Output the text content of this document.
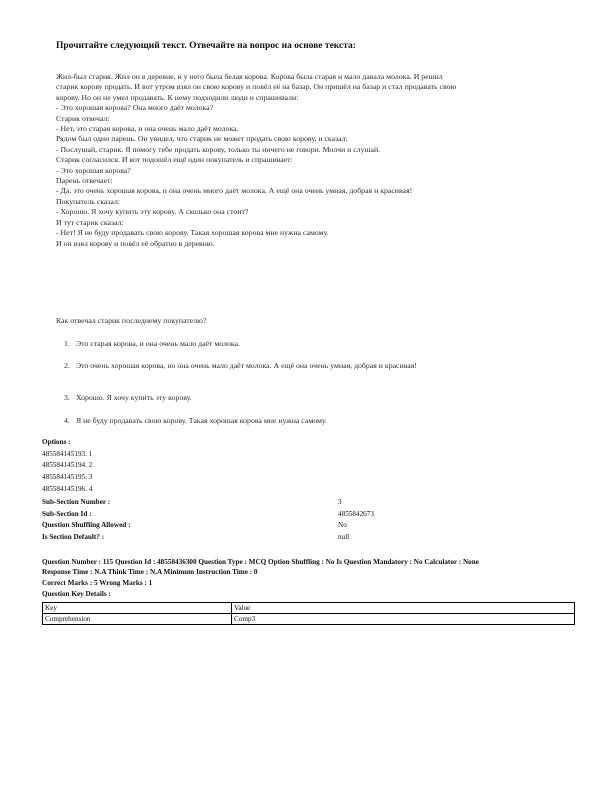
Прочитайте следующий текст. Отвечайте на вопрос на основе текста:

Жил-был старик. Жил он в деревне, и у него была белая корова. Корова была старая и мало давала молока. И решил старик корову продать. И вот утром взял он свою корову и повёл её на базар. Он пришёл на базар и стал продавать свою корову. Но он не умел продавать. К нему подходили люди и спрашивали:

- Это хорошая корова? Она много даёт молока?

Старик отвечал:

- Нет, это старая корова, и она очень мало даёт молока.

Рядом был один парень. Он увидел, что старик не может продать свою корову, и сказал:

- Послушай, старик. Я помогу тебе продать корову, только ты ничего не говори. Молчи и слушай.

Старик согласился. И вот подошёл ещё один покупатель и спрашивает:

- Это хорошая корова?

Парень отвечает:

- Да, это очень хорошая корова, и она очень много даёт молока. А ещё она очень умная, добрая и красивая!

Покупатель сказал:

- Хорошо. Я хочу купить эту корову. А сколько она стоит?

И тут старик сказал:

- Нет! Я не буду продавать свою корову. Такая хорошая корова мне нужна самому.

И он взял корову и повёл её обратно в деревню.

Как отвечал старик последнему покупателю?
1. Это старая корова, и она очень мало даёт молока.
2. Это очень хорошая корова, но она очень мало даёт молока. А ещё она очень умная, добрая и красивая!
3. Хорошо. Я хочу купить эту корову.
4. Я не буду продавать свою корову. Такая хорошая корова мне нужна самому.
Options :
485584145193. 1
485584145194. 2
485584145195. 3
485584145196. 4
Sub-Section Number :	3
Sub-Section Id :	4855842673
Question Shuffling Allowed :	No
Is Section Default? :	null
Question Number : 115 Question Id : 48558436300 Question Type : MCQ Option Shuffling : No Is Question Mandatory : No Calculator : None
Response Time : N.A Think Time : N.A Minimum Instruction Time : 0
Correct Marks : 5 Wrong Marks : 1
Question Key Details :
Key	Value
Comprehension	Comp3
